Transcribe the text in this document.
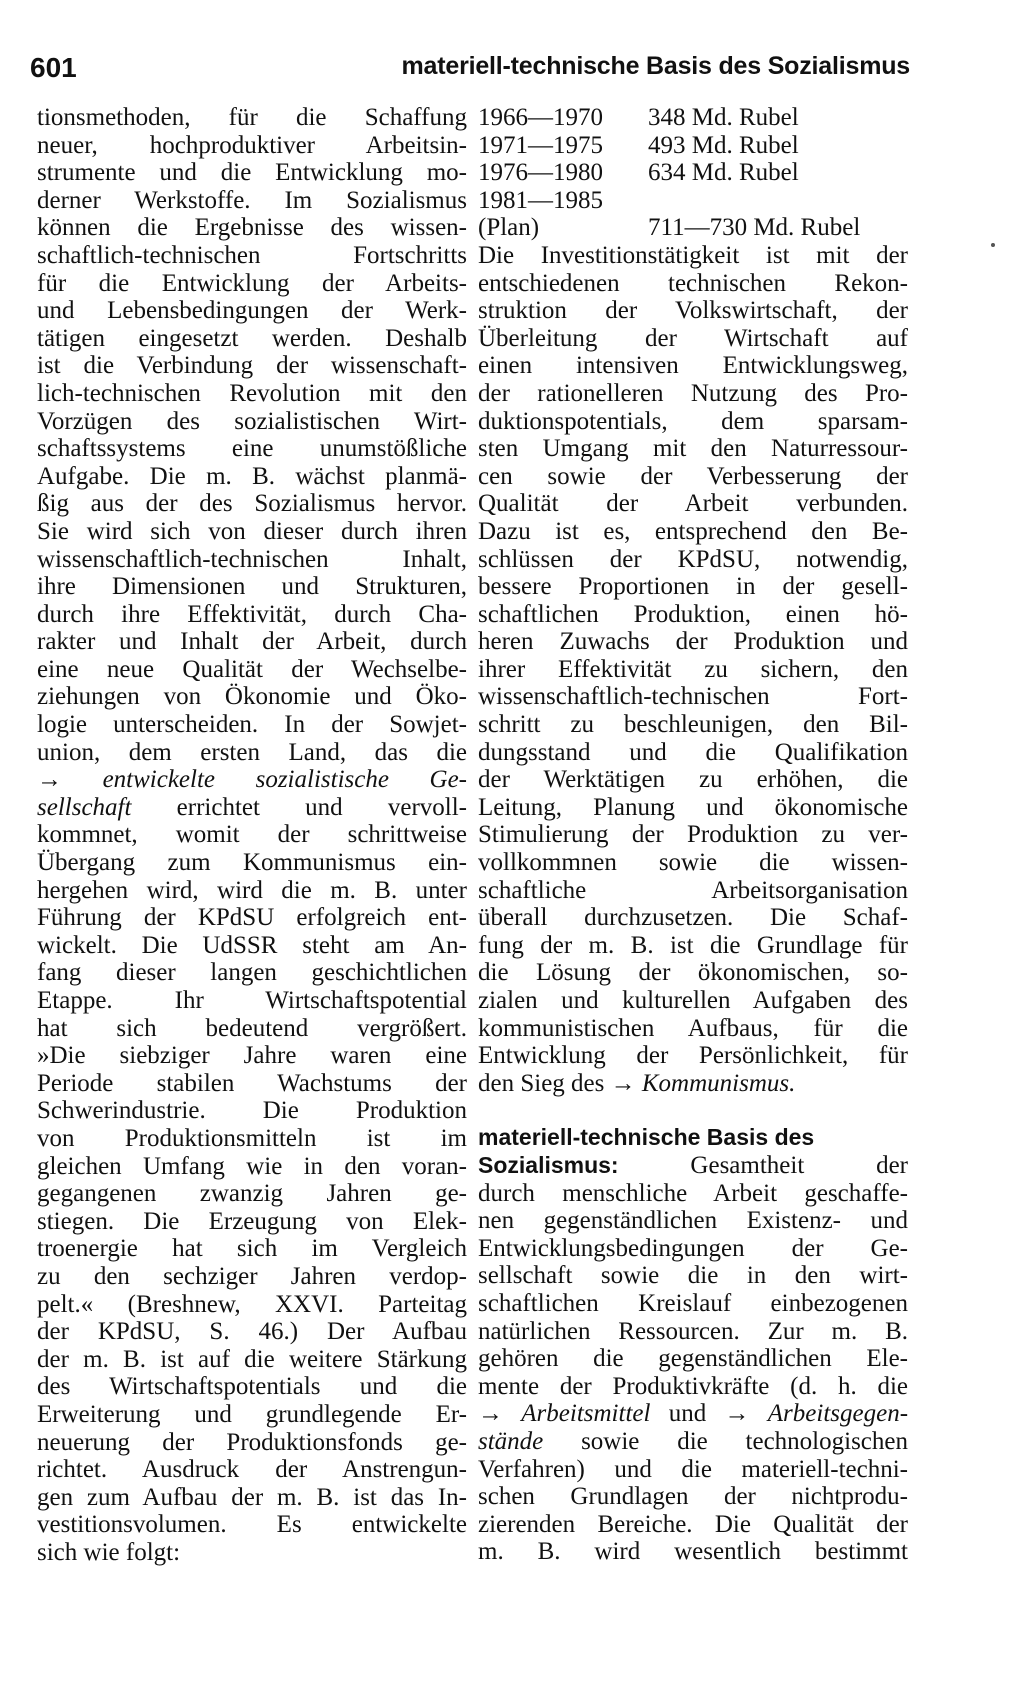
601	materiell-technische Basis des Sozialismus
tionsmethoden, für die Schaffung
neuer, hochproduktiver Arbeitsin-
strumente und die Entwicklung mo-
derner Werkstoffe. Im Sozialismus
können die Ergebnisse des wissen-
schaftlich-technischen Fortschritts
für die Entwicklung der Arbeits-
und Lebensbedingungen der Werk-
tätigen eingesetzt werden. Deshalb
ist die Verbindung der wissenschaft-
lich-technischen Revolution mit den
Vorzügen des sozialistischen Wirt-
schaftssystems eine unumstößliche
Aufgabe. Die m. B. wächst planmä-
ßig aus der des Sozialismus hervor.
Sie wird sich von dieser durch ihren
wissenschaftlich-technischen Inhalt,
ihre Dimensionen und Strukturen,
durch ihre Effektivität, durch Cha-
rakter und Inhalt der Arbeit, durch
eine neue Qualität der Wechselbe-
ziehungen von Ökonomie und Öko-
logie unterscheiden. In der Sowjet-
union, dem ersten Land, das die
→ entwickelte sozialistische Ge-
sellschaft errichtet und vervoll-
kommnet, womit der schrittweise
Übergang zum Kommunismus ein-
hergehen wird, wird die m. B. unter
Führung der KPdSU erfolgreich ent-
wickelt. Die UdSSR steht am An-
fang dieser langen geschichtlichen
Etappe. Ihr Wirtschaftspotential
hat sich bedeutend vergrößert.
»Die siebziger Jahre waren eine
Periode stabilen Wachstums der
Schwerindustrie. Die Produktion
von Produktionsmitteln ist im
gleichen Umfang wie in den voran-
gegangenen zwanzig Jahren ge-
stiegen. Die Erzeugung von Elek-
troenergie hat sich im Vergleich
zu den sechziger Jahren verdop-
pelt.« (Breshnew, XXVI. Parteitag
der KPdSU, S. 46.) Der Aufbau
der m. B. ist auf die weitere Stärkung
des Wirtschaftspotentials und die
Erweiterung und grundlegende Er-
neuerung der Produktionsfonds ge-
richtet. Ausdruck der Anstrengun-
gen zum Aufbau der m. B. ist das In-
vestitionsvolumen. Es entwickelte
sich wie folgt:
1966—1970	348 Md. Rubel
1971—1975	493 Md. Rubel
1976—1980	634 Md. Rubel
1981—1985
(Plan)	711—730 Md. Rubel
Die Investitionstätigkeit ist mit der
entschiedenen technischen Rekon-
struktion der Volkswirtschaft, der
Überleitung der Wirtschaft auf
einen intensiven Entwicklungsweg,
der rationelleren Nutzung des Pro-
duktionspotentials, dem sparsam-
sten Umgang mit den Naturressour-
cen sowie der Verbesserung der
Qualität der Arbeit verbunden.
Dazu ist es, entsprechend den Be-
schlüssen der KPdSU, notwendig,
bessere Proportionen in der gesell-
schaftlichen Produktion, einen hö-
heren Zuwachs der Produktion und
ihrer Effektivität zu sichern, den
wissenschaftlich-technischen Fort-
schritt zu beschleunigen, den Bil-
dungsstand und die Qualifikation
der Werktätigen zu erhöhen, die
Leitung, Planung und ökonomische
Stimulierung der Produktion zu ver-
vollkommnen sowie die wissen-
schaftliche Arbeitsorganisation
überall durchzusetzen. Die Schaf-
fung der m. B. ist die Grundlage für
die Lösung der ökonomischen, so-
zialen und kulturellen Aufgaben des
kommunistischen Aufbaus, für die
Entwicklung der Persönlichkeit, für
den Sieg des → Kommunismus.
materiell-technische Basis des
Sozialismus:	Gesamtheit der
durch menschliche Arbeit geschaffe-
nen gegenständlichen Existenz- und
Entwicklungsbedingungen der Ge-
sellschaft sowie die in den wirt-
schaftlichen Kreislauf einbezogenen
natürlichen Ressourcen. Zur m. B.
gehören die gegenständlichen Ele-
mente der Produktivkräfte (d. h. die
→ Arbeitsmittel und → Arbeitsgegen-
stände sowie die technologischen
Verfahren) und die materiell-techni-
schen Grundlagen der nichtprodu-
zierenden Bereiche. Die Qualität der
m. B. wird wesentlich bestimmt
